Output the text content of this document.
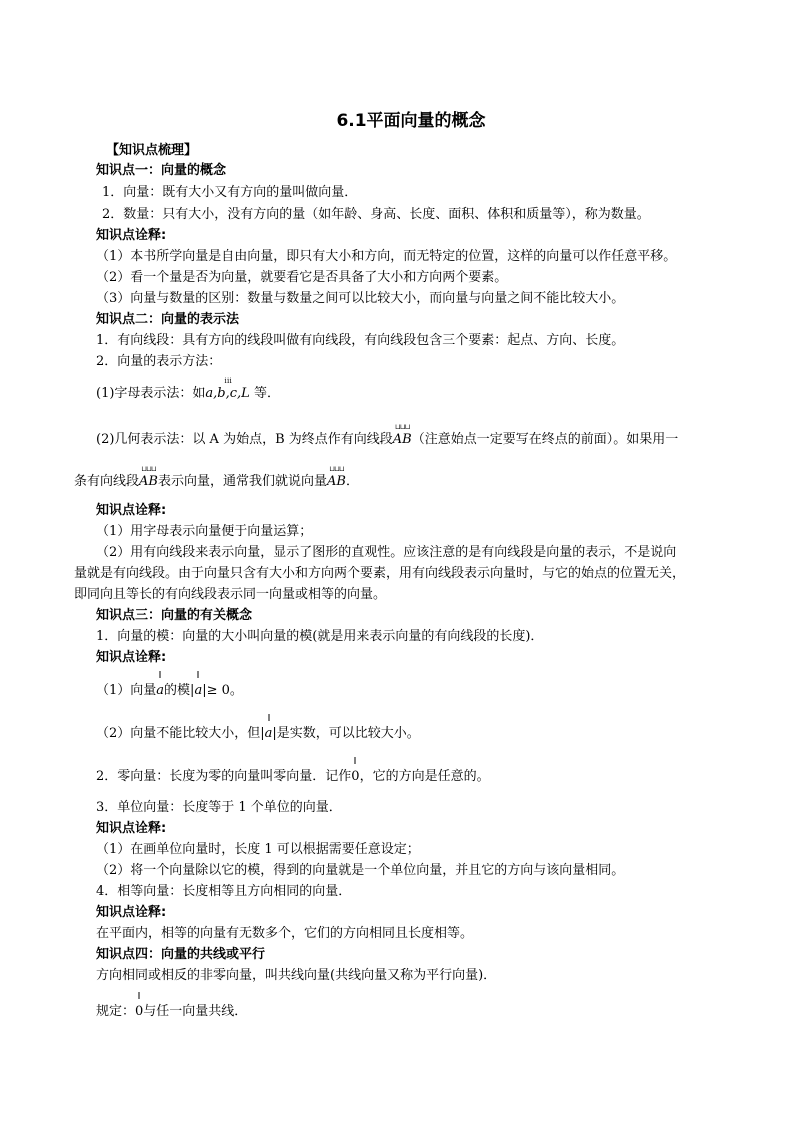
6.1平面向量的概念
【知识点梳理】
知识点一：向量的概念
1．向量：既有大小又有方向的量叫做向量．
2．数量：只有大小，没有方向的量（如年龄、身高、长度、面积、体积和质量等），称为数量。
知识点诠释:
（1）本书所学向量是自由向量，即只有大小和方向，而无特定的位置，这样的向量可以作任意平移。
（2）看一个量是否为向量，就要看它是否具备了大小和方向两个要素。
（3）向量与数量的区别：数量与数量之间可以比较大小，而向量与向量之间不能比较大小。
知识点二：向量的表示法
1．有向线段：具有方向的线段叫做有向线段，有向线段包含三个要素：起点、方向、长度。
2．向量的表示方法：
(1)字母表示法：如
ⅰ ⅰ ⅰ
a,b,c,L 等．
(2)几何表示法：以 A 为始点，B 为终点作有向线段
⊔⊔⊔
AB（注意始点一定要写在终点的前面）。如果用一
条有向线段
⊔⊔⊔
AB表示向量，通常我们就说向量
⊔⊔⊔
AB．
知识点诠释:
（1）用字母表示向量便于向量运算；
（2）用有向线段来表示向量，显示了图形的直观性。应该注意的是有向线段是向量的表示，不是说向
量就是有向线段。由于向量只含有大小和方向两个要素，用有向线段表示向量时，与它的始点的位置无关，
即同向且等长的有向线段表示同一向量或相等的向量。
知识点三：向量的有关概念
1．向量的模：向量的大小叫向量的模(就是用来表示向量的有向线段的长度)．
知识点诠释:
（1）向量
a的模|
a|≥ 0。
（2）向量不能比较大小，但|
a|是实数，可以比较大小。
2．零向量：长度为零的向量叫零向量．记作
0，它的方向是任意的。
3．单位向量：长度等于 1 个单位的向量．
知识点诠释:
（1）在画单位向量时，长度 1 可以根据需要任意设定；
（2）将一个向量除以它的模，得到的向量就是一个单位向量，并且它的方向与该向量相同。
4．相等向量：长度相等且方向相同的向量．
知识点诠释:
在平面内，相等的向量有无数多个，它们的方向相同且长度相等。
知识点四：向量的共线或平行
方向相同或相反的非零向量，叫共线向量(共线向量又称为平行向量)．
规定：
0与任一向量共线．
